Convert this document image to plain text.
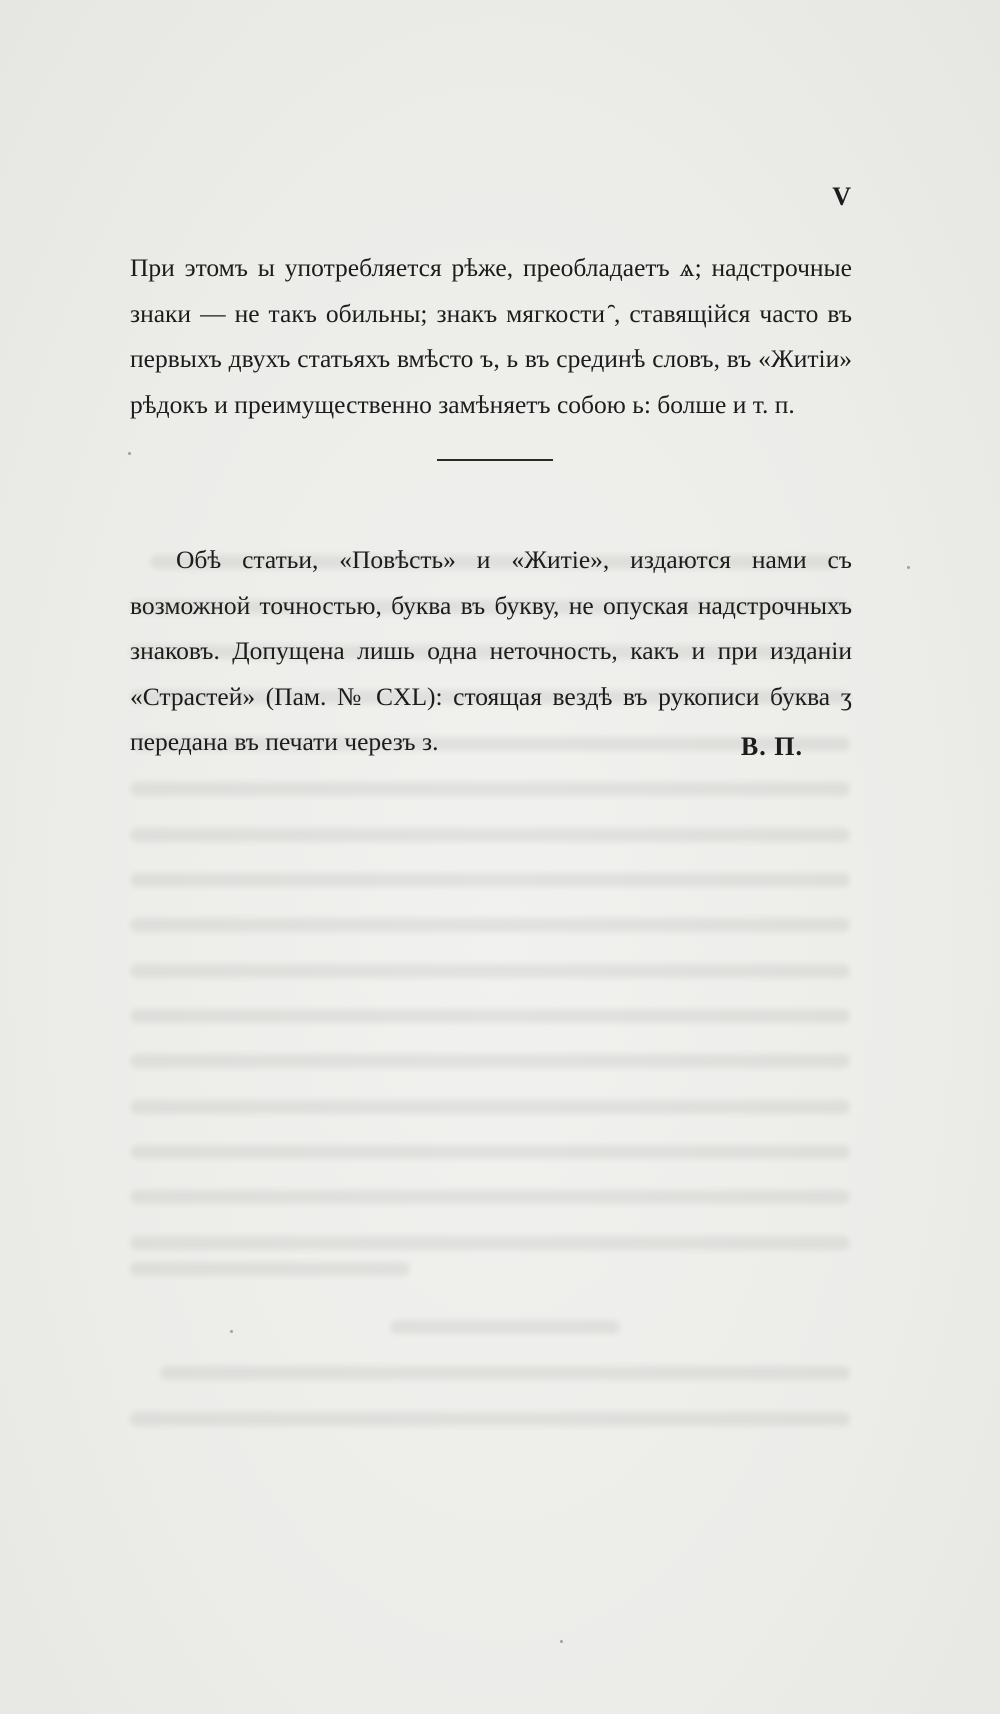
V
При этомъ ы употребляется рѣже, преобладаетъ ѧ; надстрочные знаки — не такъ обильны; знакъ мягкости ̑, ставящійся часто въ первыхъ двухъ статьяхъ вмѣсто ъ, ь въ срединѣ словъ, въ «Житіи» рѣдокъ и преимущественно замѣняетъ собою ь: болше и т. п.
Обѣ статьи, «Повѣсть» и «Житіе», издаются нами съ возможной точностью, буква въ букву, не опуская надстрочныхъ знаковъ. Допущена лишь одна неточность, какъ и при изданіи «Страстей» (Пам. № CXL): стоящая вездѣ въ рукописи буква ʒ передана въ печати черезъ з.	В. П.
